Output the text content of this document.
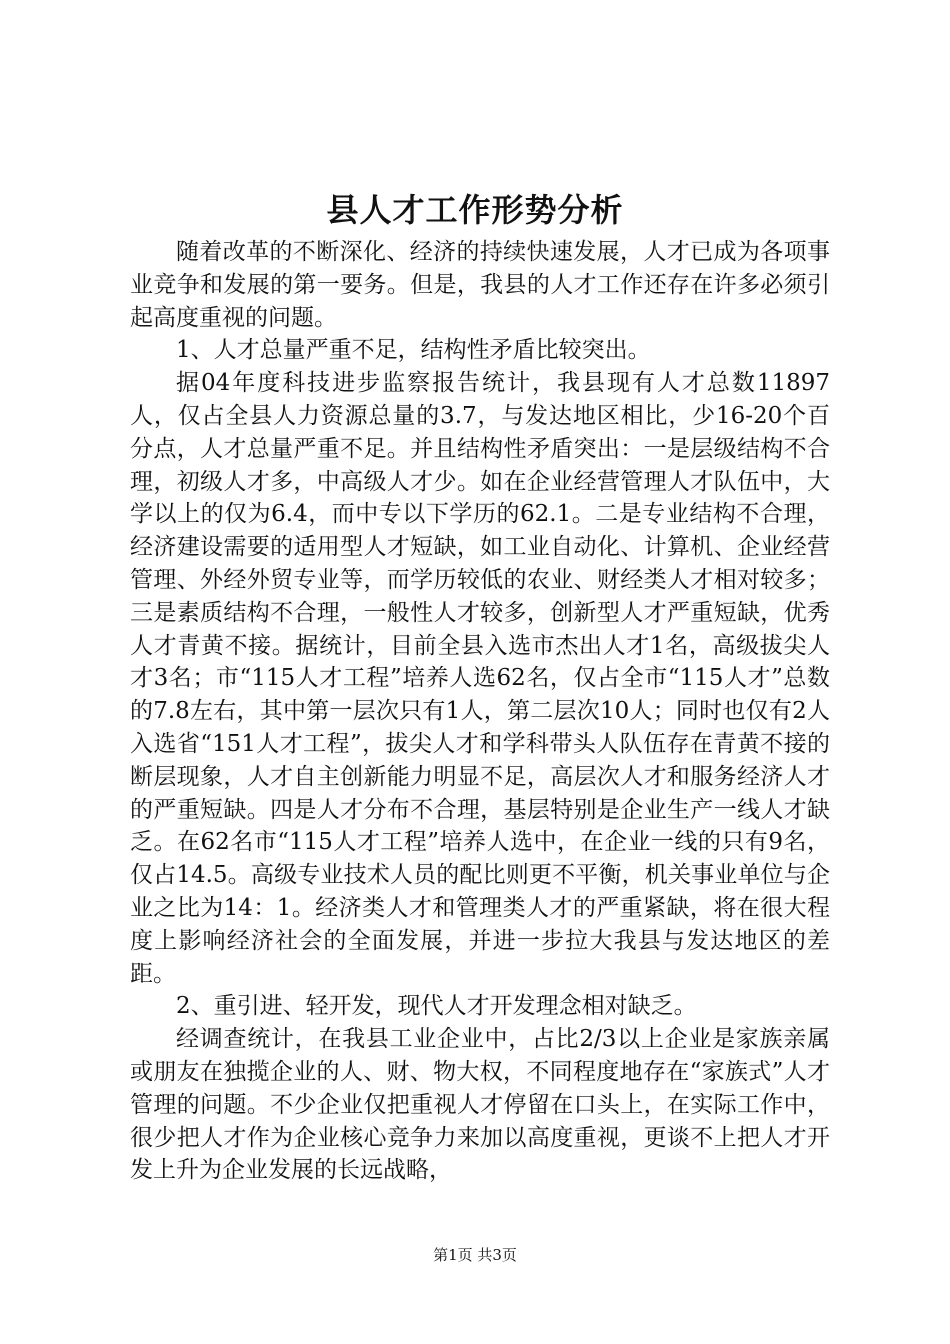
县人才工作形势分析

随着改革的不断深化、经济的持续快速发展，人才已成为各项事业竞争和发展的第一要务。但是，我县的人才工作还存在许多必须引起高度重视的问题。

1、人才总量严重不足，结构性矛盾比较突出。

据04年度科技进步监察报告统计，我县现有人才总数11897人，仅占全县人力资源总量的3.7，与发达地区相比，少16-20个百分点，人才总量严重不足。并且结构性矛盾突出：一是层级结构不合理，初级人才多，中高级人才少。如在企业经营管理人才队伍中，大学以上的仅为6.4，而中专以下学历的62.1。二是专业结构不合理，经济建设需要的适用型人才短缺，如工业自动化、计算机、企业经营管理、外经外贸专业等，而学历较低的农业、财经类人才相对较多；三是素质结构不合理，一般性人才较多，创新型人才严重短缺，优秀人才青黄不接。据统计，目前全县入选市杰出人才1名，高级拔尖人才3名；市“115人才工程”培养人选62名，仅占全市“115人才”总数的7.8左右，其中第一层次只有1人，第二层次10人；同时也仅有2人入选省“151人才工程”，拔尖人才和学科带头人队伍存在青黄不接的断层现象，人才自主创新能力明显不足，高层次人才和服务经济人才的严重短缺。四是人才分布不合理，基层特别是企业生产一线人才缺乏。在62名市“115人才工程”培养人选中，在企业一线的只有9名，仅占14.5。高级专业技术人员的配比则更不平衡，机关事业单位与企业之比为14：1。经济类人才和管理类人才的严重紧缺，将在很大程度上影响经济社会的全面发展，并进一步拉大我县与发达地区的差距。

2、重引进、轻开发，现代人才开发理念相对缺乏。

经调查统计，在我县工业企业中，占比2/3以上企业是家族亲属或朋友在独揽企业的人、财、物大权，不同程度地存在“家族式”人才管理的问题。不少企业仅把重视人才停留在口头上，在实际工作中，很少把人才作为企业核心竞争力来加以高度重视，更谈不上把人才开发上升为企业发展的长远战略，

第1页 共3页
